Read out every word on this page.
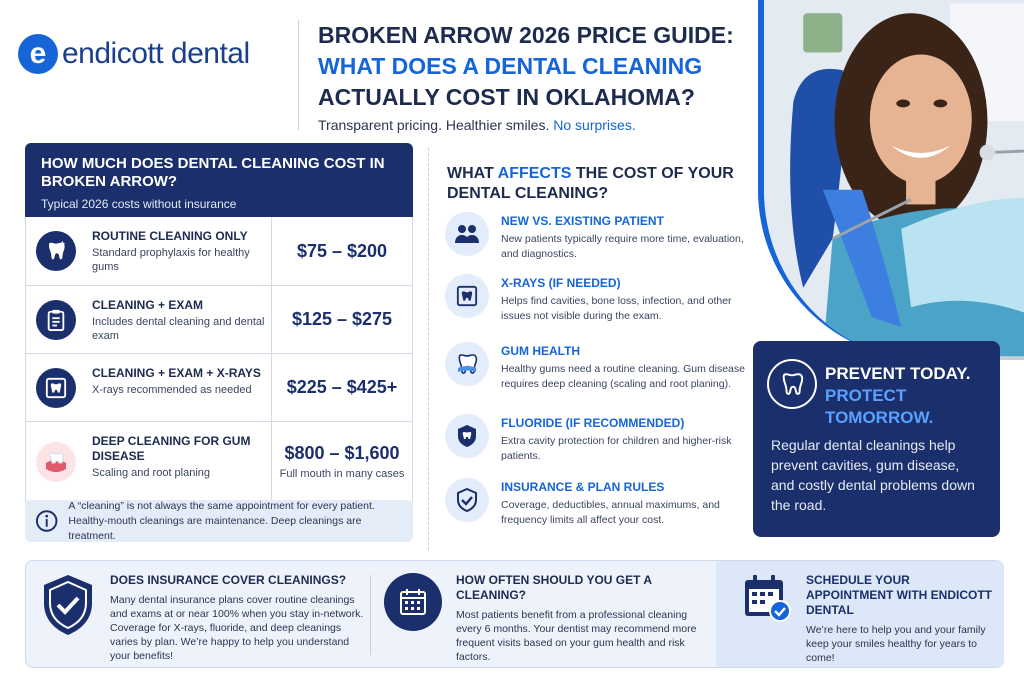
e endicott dental
BROKEN ARROW 2026 PRICE GUIDE:
WHAT DOES A DENTAL CLEANING
ACTUALLY COST IN OKLAHOMA?
Transparent pricing. Healthier smiles. No surprises.
HOW MUCH DOES DENTAL CLEANING COST IN BROKEN ARROW?

Typical 2026 costs without insurance

ROUTINE CLEANING ONLY

Standard prophylaxis for healthy gums

$75 – $200
CLEANING + EXAM

Includes dental cleaning and dental exam

$125 – $275
CLEANING + EXAM + X-RAYS

X-rays recommended as needed	$225 – $425+
DEEP CLEANING FOR GUM DISEASE

Scaling and root planing

$800 – $1,600
Full mouth in many cases

A “cleaning” is not always the same appointment for every patient.
Healthy-mouth cleanings are maintenance. Deep cleanings are treatment.

WHAT AFFECTS THE COST OF YOUR DENTAL CLEANING?
NEW VS. EXISTING PATIENT

New patients typically require more time, evaluation, and diagnostics.

X-RAYS (IF NEEDED)

Helps find cavities, bone loss, infection, and other issues not visible during the exam.

GUM HEALTH

Healthy gums need a routine cleaning. Gum disease requires deep cleaning (scaling and root planing).

FLUORIDE (IF RECOMMENDED)

Extra cavity protection for children and higher-risk patients.

INSURANCE & PLAN RULES

Coverage, deductibles, annual maximums, and frequency limits all affect your cost.

PREVENT TODAY.
PROTECT TOMORROW.

Regular dental cleanings help prevent cavities, gum disease, and costly dental problems down the road.

DOES INSURANCE COVER CLEANINGS?

Many dental insurance plans cover routine cleanings and exams at or near 100% when you stay in-network. Coverage for X-rays, fluoride, and deep cleanings varies by plan. We’re happy to help you understand your benefits!

HOW OFTEN SHOULD YOU GET A CLEANING?

Most patients benefit from a professional cleaning every 6 months. Your dentist may recommend more frequent visits based on your gum health and risk factors.

SCHEDULE YOUR APPOINTMENT WITH ENDICOTT DENTAL

We’re here to help you and your family keep your smiles healthy for years to come!
